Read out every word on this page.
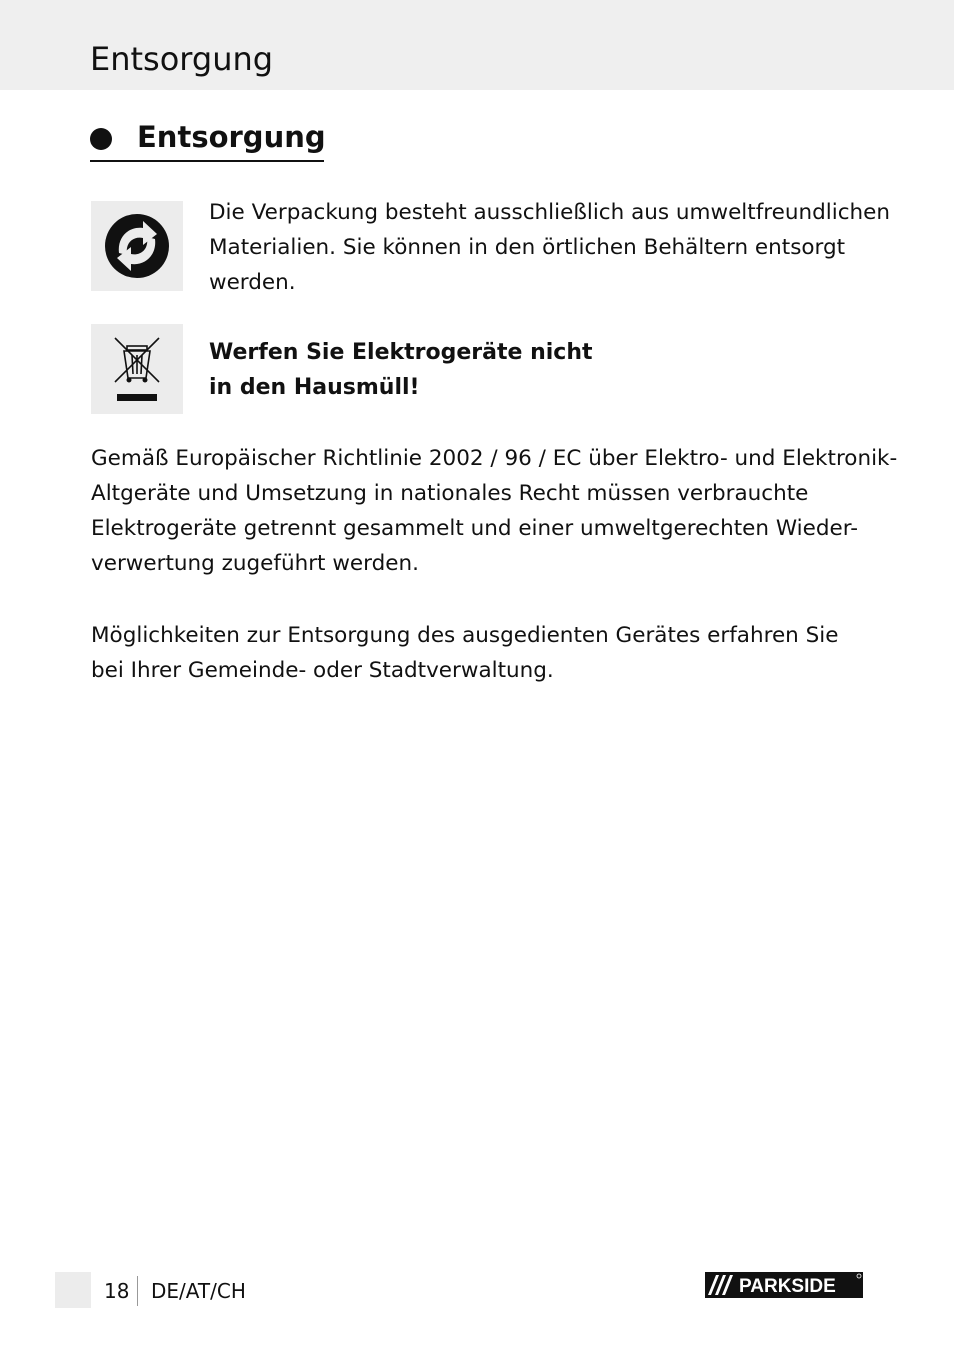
Entsorgung
Entsorgung

Die Verpackung besteht ausschließlich aus umweltfreundlichen
Materialien. Sie können in den örtlichen Behältern entsorgt
werden.

Werfen Sie Elektrogeräte nicht
in den Hausmüll!

Gemäß Europäischer Richtlinie 2002 / 96 / EC über Elektro- und Elektronik-
Altgeräte und Umsetzung in nationales Recht müssen verbrauchte
Elektrogeräte getrennt gesammelt und einer umweltgerechten Wieder-
verwertung zugeführt werden.

Möglichkeiten zur Entsorgung des ausgedienten Gerätes erfahren Sie
bei Ihrer Gemeinde- oder Stadtverwaltung.

18 DE/AT/CH	PARKSIDE
